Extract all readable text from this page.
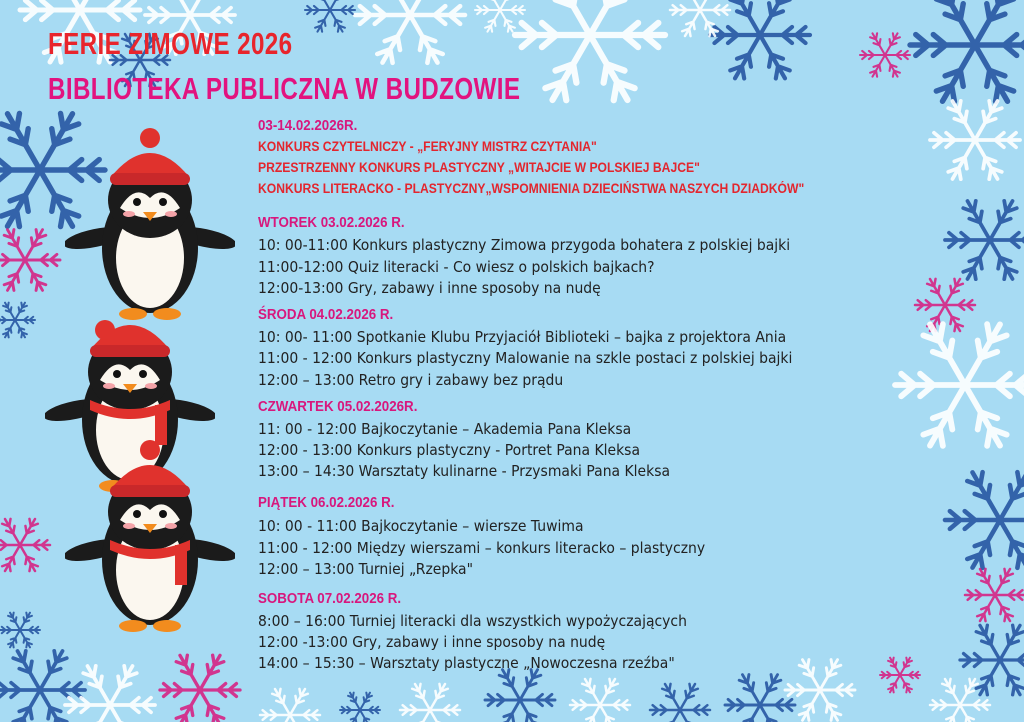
FERIE ZIMOWE 2026
BIBLIOTEKA PUBLICZNA W BUDZOWIE
03-14.02.2026R.
KONKURS CZYTELNICZY - „FERYJNY MISTRZ CZYTANIA"
PRZESTRZENNY KONKURS PLASTYCZNY „WITAJCIE W POLSKIEJ BAJCE"
KONKURS LITERACKO - PLASTYCZNY„WSPOMNIENIA DZIECIŃSTWA NASZYCH DZIADKÓW"
WTOREK 03.02.2026 R.
10: 00-11:00 Konkurs plastyczny Zimowa przygoda bohatera z polskiej bajki
11:00-12:00 Quiz literacki - Co wiesz o polskich bajkach?
12:00-13:00 Gry, zabawy i inne sposoby na nudę
ŚRODA 04.02.2026 R.
10: 00- 11:00 Spotkanie Klubu Przyjaciół Biblioteki – bajka z projektora Ania
11:00 - 12:00 Konkurs plastyczny Malowanie na szkle postaci z polskiej bajki
12:00 – 13:00 Retro gry i zabawy bez prądu
CZWARTEK 05.02.2026R.
11: 00 - 12:00 Bajkoczytanie – Akademia Pana Kleksa
12:00 - 13:00 Konkurs plastyczny - Portret Pana Kleksa
13:00 – 14:30 Warsztaty kulinarne - Przysmaki Pana Kleksa
PIĄTEK 06.02.2026 R.
10: 00 - 11:00 Bajkoczytanie – wiersze Tuwima
11:00 - 12:00 Między wierszami – konkurs literacko – plastyczny
12:00 – 13:00 Turniej „Rzepka"
SOBOTA 07.02.2026 R.
8:00 – 16:00 Turniej literacki dla wszystkich wypożyczających
12:00 -13:00 Gry, zabawy i inne sposoby na nudę
14:00 – 15:30 – Warsztaty plastyczne „Nowoczesna rzeźba"
